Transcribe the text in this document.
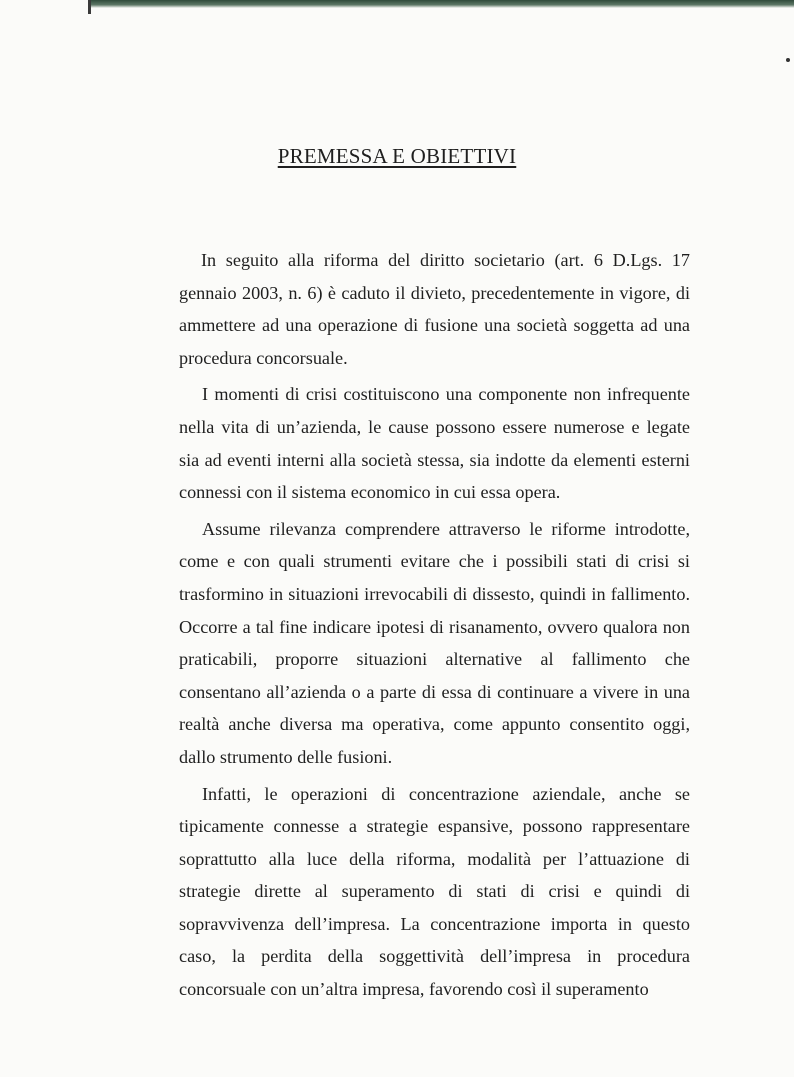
PREMESSA E OBIETTIVI

In seguito alla riforma del diritto societario (art. 6 D.Lgs. 17 gennaio 2003, n. 6) è caduto il divieto, precedentemente in vigore, di ammettere ad una operazione di fusione una società soggetta ad una procedura concorsuale.

I momenti di crisi costituiscono una componente non infrequente nella vita di un’azienda, le cause possono essere numerose e legate sia ad eventi interni alla società stessa, sia indotte da elementi esterni connessi con il sistema economico in cui essa opera.

Assume rilevanza comprendere attraverso le riforme introdotte, come e con quali strumenti evitare che i possibili stati di crisi si trasformino in situazioni irrevocabili di dissesto, quindi in fallimento. Occorre a tal fine indicare ipotesi di risanamento, ovvero qualora non praticabili, proporre situazioni alternative al fallimento che consentano all’azienda o a parte di essa di continuare a vivere in una realtà anche diversa ma operativa, come appunto consentito oggi, dallo strumento delle fusioni.

Infatti, le operazioni di concentrazione aziendale, anche se tipicamente connesse a strategie espansive, possono rappresentare soprattutto alla luce della riforma, modalità per l’attuazione di strategie dirette al superamento di stati di crisi e quindi di sopravvivenza dell’impresa. La concentrazione importa in questo caso, la perdita della soggettività dell’impresa in procedura concorsuale con un’altra impresa, favorendo così il superamento
